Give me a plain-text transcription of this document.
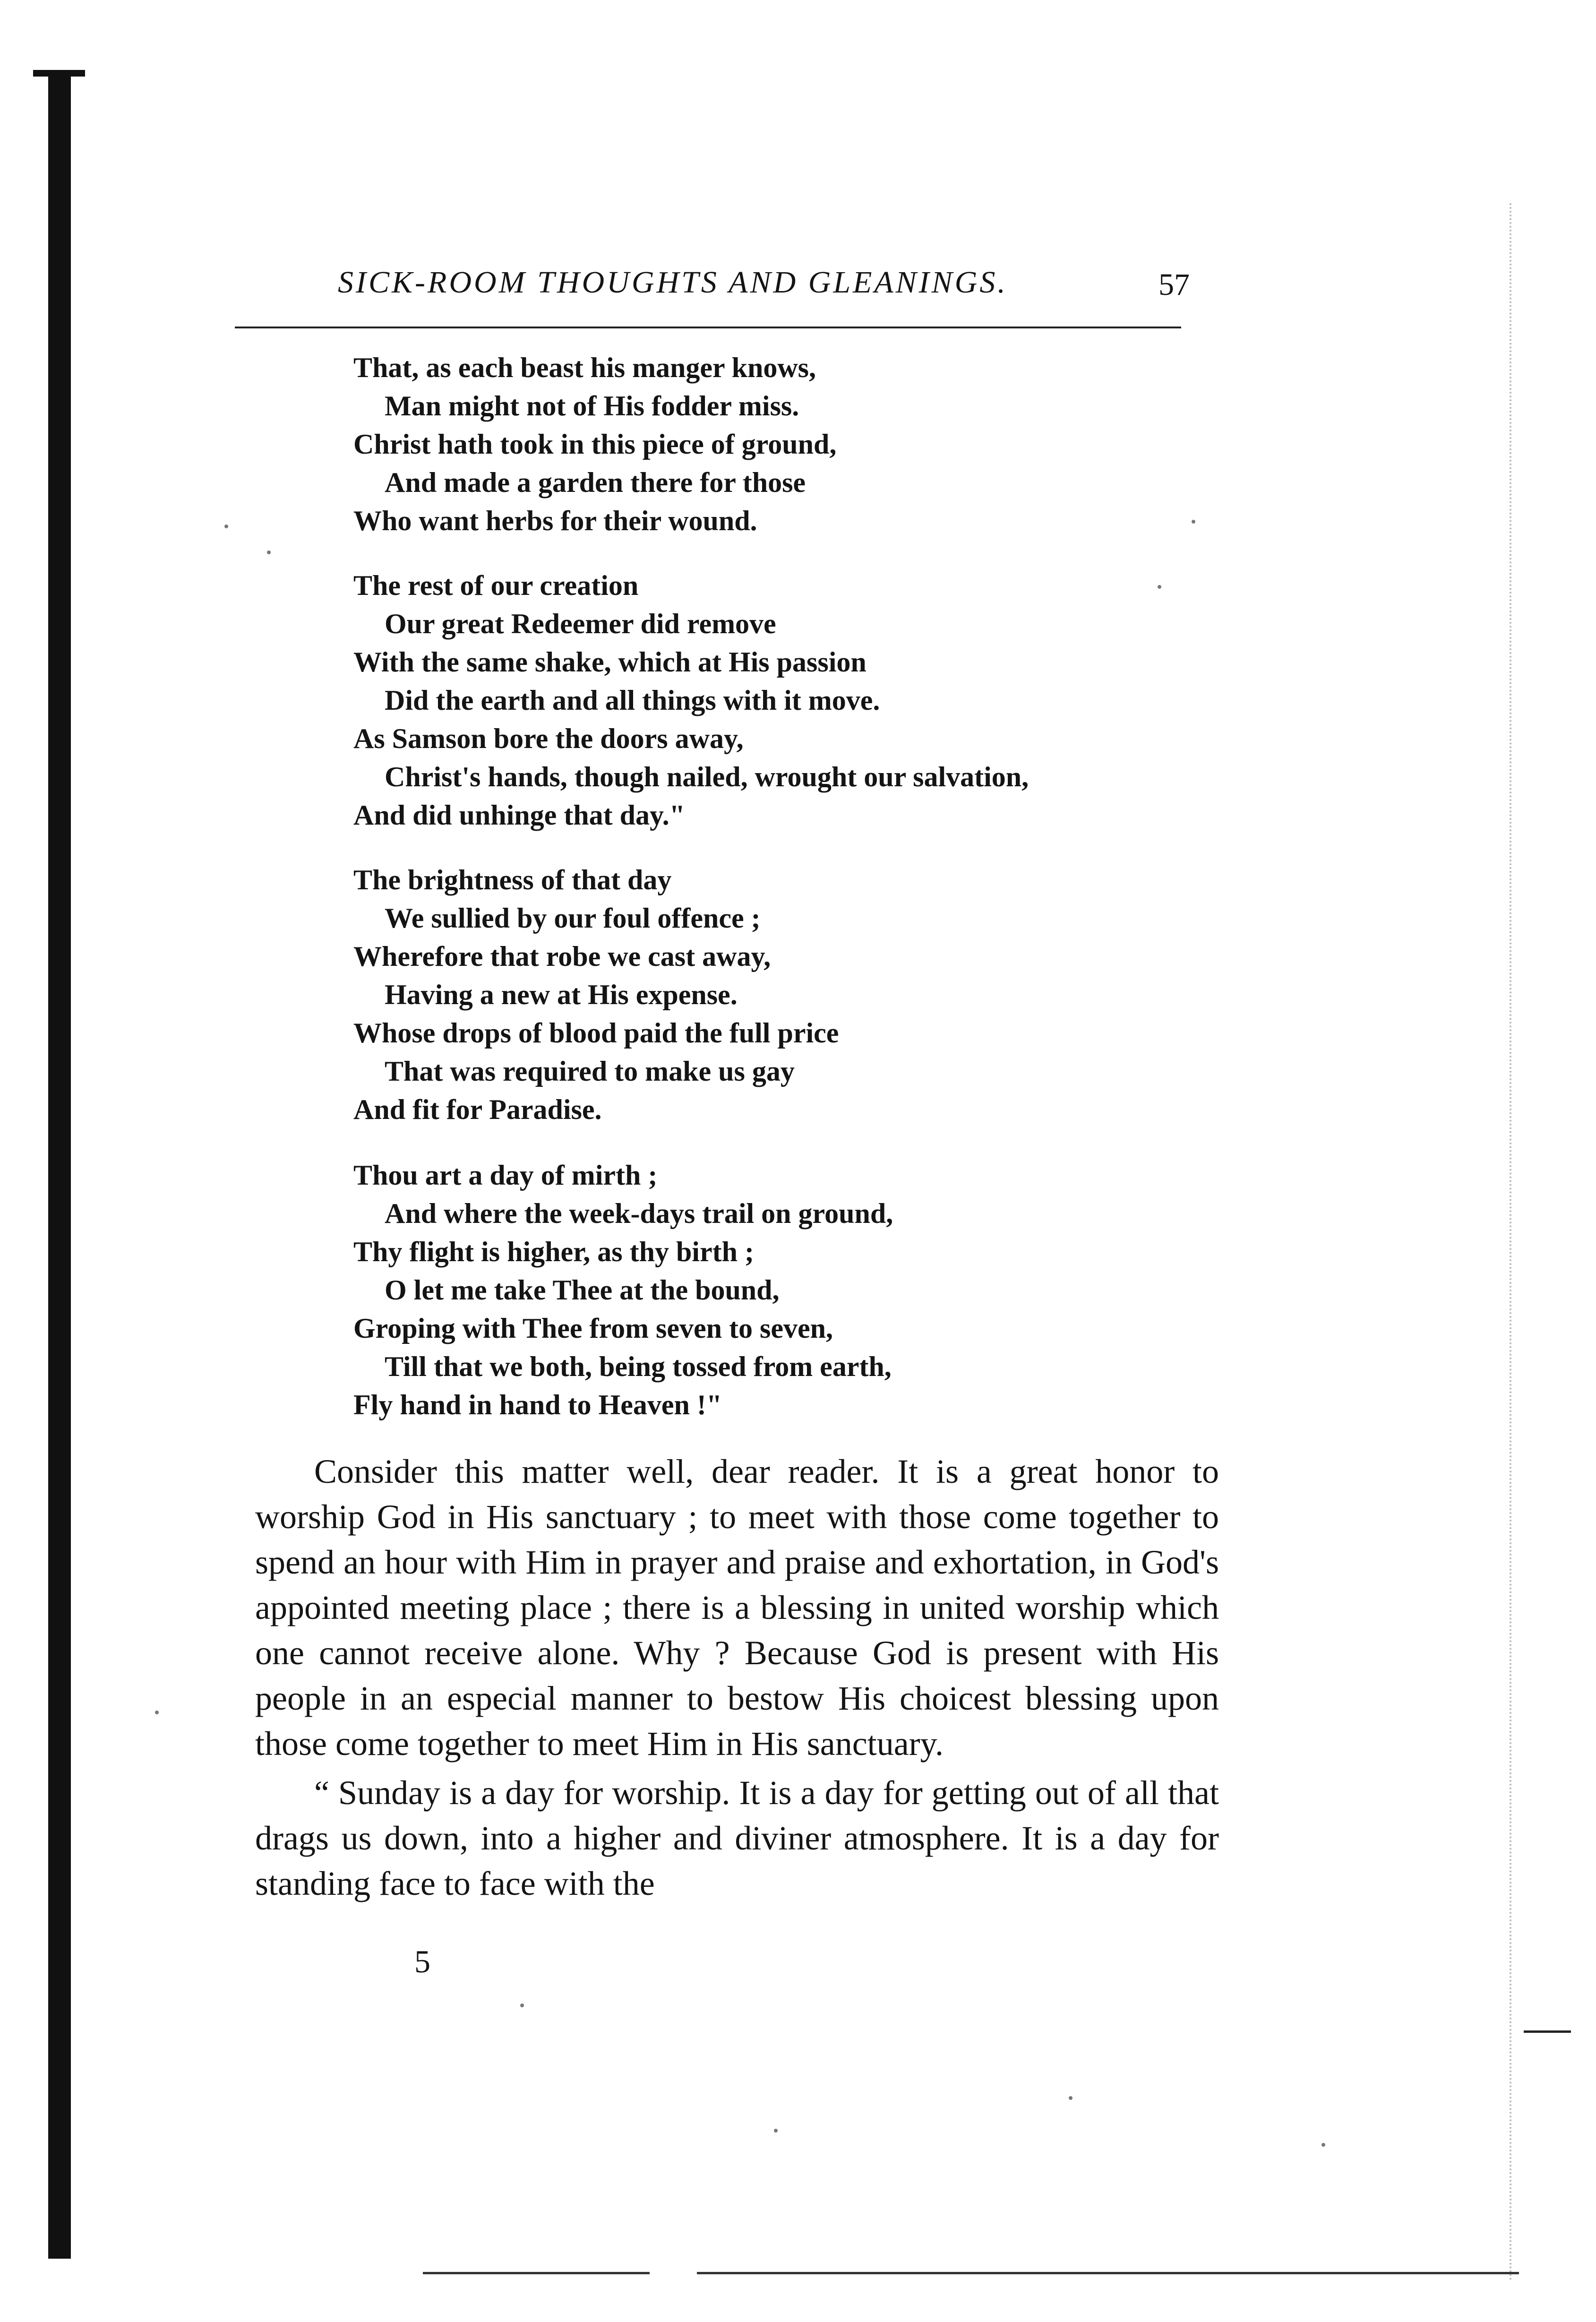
SICK-ROOM THOUGHTS AND GLEANINGS.	57
That, as each beast his manger knows,
Man might not of His fodder miss.
Christ hath took in this piece of ground,
And made a garden there for those
Who want herbs for their wound.
The rest of our creation
Our great Redeemer did remove
With the same shake, which at His passion
Did the earth and all things with it move.
As Samson bore the doors away,
Christ's hands, though nailed, wrought our salvation,
And did unhinge that day."
The brightness of that day
We sullied by our foul offence ;
Wherefore that robe we cast away,
Having a new at His expense.
Whose drops of blood paid the full price
That was required to make us gay
And fit for Paradise.
Thou art a day of mirth ;
And where the week-days trail on ground,
Thy flight is higher, as thy birth ;
O let me take Thee at the bound,
Groping with Thee from seven to seven,
Till that we both, being tossed from earth,
Fly hand in hand to Heaven !"

Consider this matter well, dear reader. It is a great honor to worship God in His sanctuary ; to meet with those come together to spend an hour with Him in prayer and praise and exhortation, in God's appointed meeting place ; there is a blessing in united worship which one cannot receive alone. Why ? Because God is present with His people in an especial manner to bestow His choicest blessing upon those come together to meet Him in His sanctuary.

“ Sunday is a day for worship. It is a day for getting out of all that drags us down, into a higher and diviner atmosphere. It is a day for standing face to face with the

5
